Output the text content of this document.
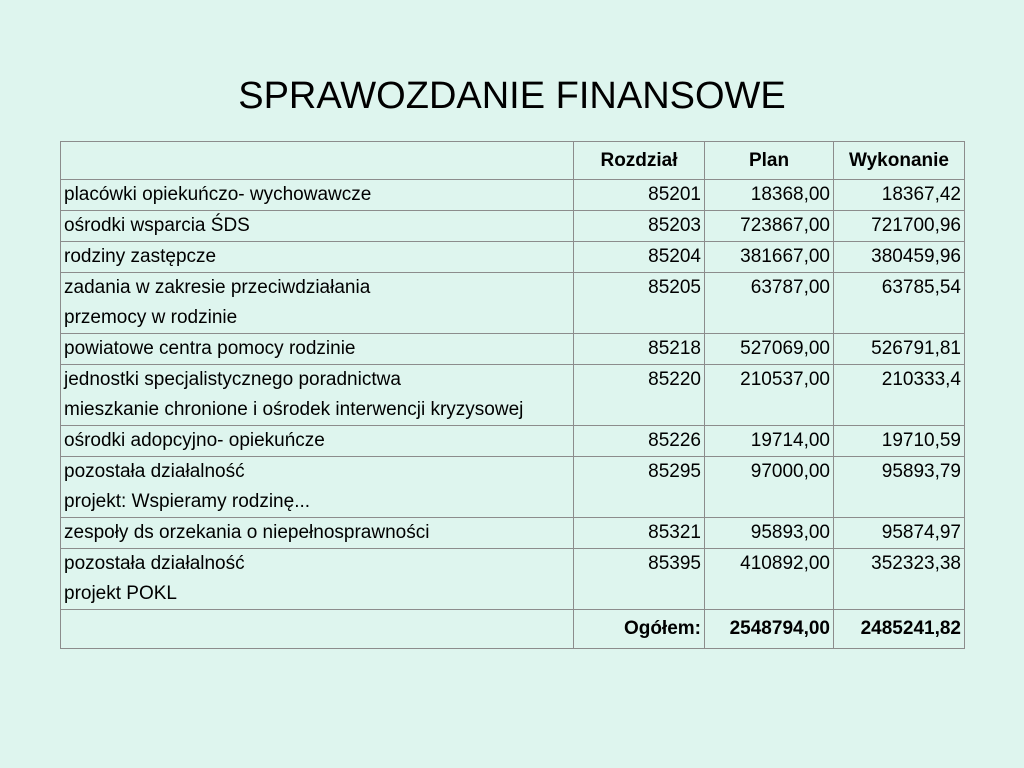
SPRAWOZDANIE FINANSOWE
	Rozdział	Plan	Wykonanie

placówki opiekuńczo- wychowawcze	85201	18368,00	18367,42

ośrodki wsparcia ŚDS	85203	723867,00	721700,96

rodziny zastępcze	85204	381667,00	380459,96

zadania w zakresie przeciwdziałania
przemocy w rodzinie	85205	63787,00	63785,54

powiatowe centra pomocy rodzinie	85218	527069,00	526791,81

jednostki specjalistycznego poradnictwa
mieszkanie chronione i ośrodek interwencji kryzysowej	85220	210537,00	210333,4

ośrodki adopcyjno- opiekuńcze	85226	19714,00	19710,59

pozostała działalność
projekt: Wspieramy rodzinę...	85295	97000,00	95893,79

zespoły ds orzekania o niepełnosprawności	85321	95893,00	95874,97

pozostała działalność
projekt POKL	85395	410892,00	352323,38
	Ogółem:	2548794,00	2485241,82
